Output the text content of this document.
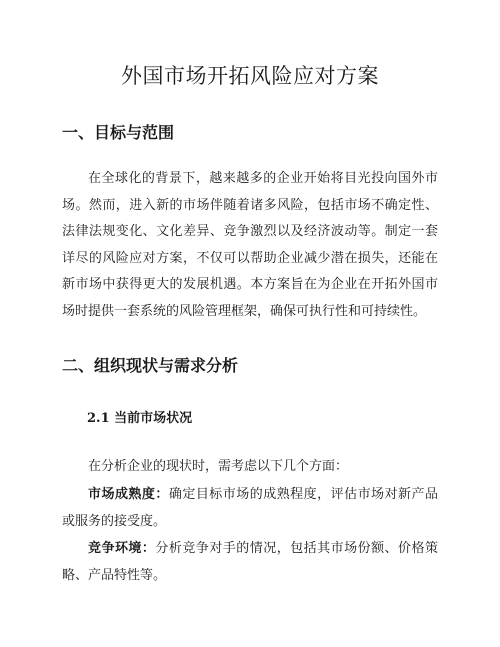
外国市场开拓风险应对方案
一、目标与范围

在全球化的背景下，越来越多的企业开始将目光投向国外市场。然而，进入新的市场伴随着诸多风险，包括市场不确定性、法律法规变化、文化差异、竞争激烈以及经济波动等。制定一套详尽的风险应对方案，不仅可以帮助企业减少潜在损失，还能在新市场中获得更大的发展机遇。本方案旨在为企业在开拓外国市场时提供一套系统的风险管理框架，确保可执行性和可持续性。

二、组织现状与需求分析
2.1 当前市场状况

在分析企业的现状时，需考虑以下几个方面：

市场成熟度：确定目标市场的成熟程度，评估市场对新产品或服务的接受度。

竞争环境：分析竞争对手的情况，包括其市场份额、价格策略、产品特性等。
